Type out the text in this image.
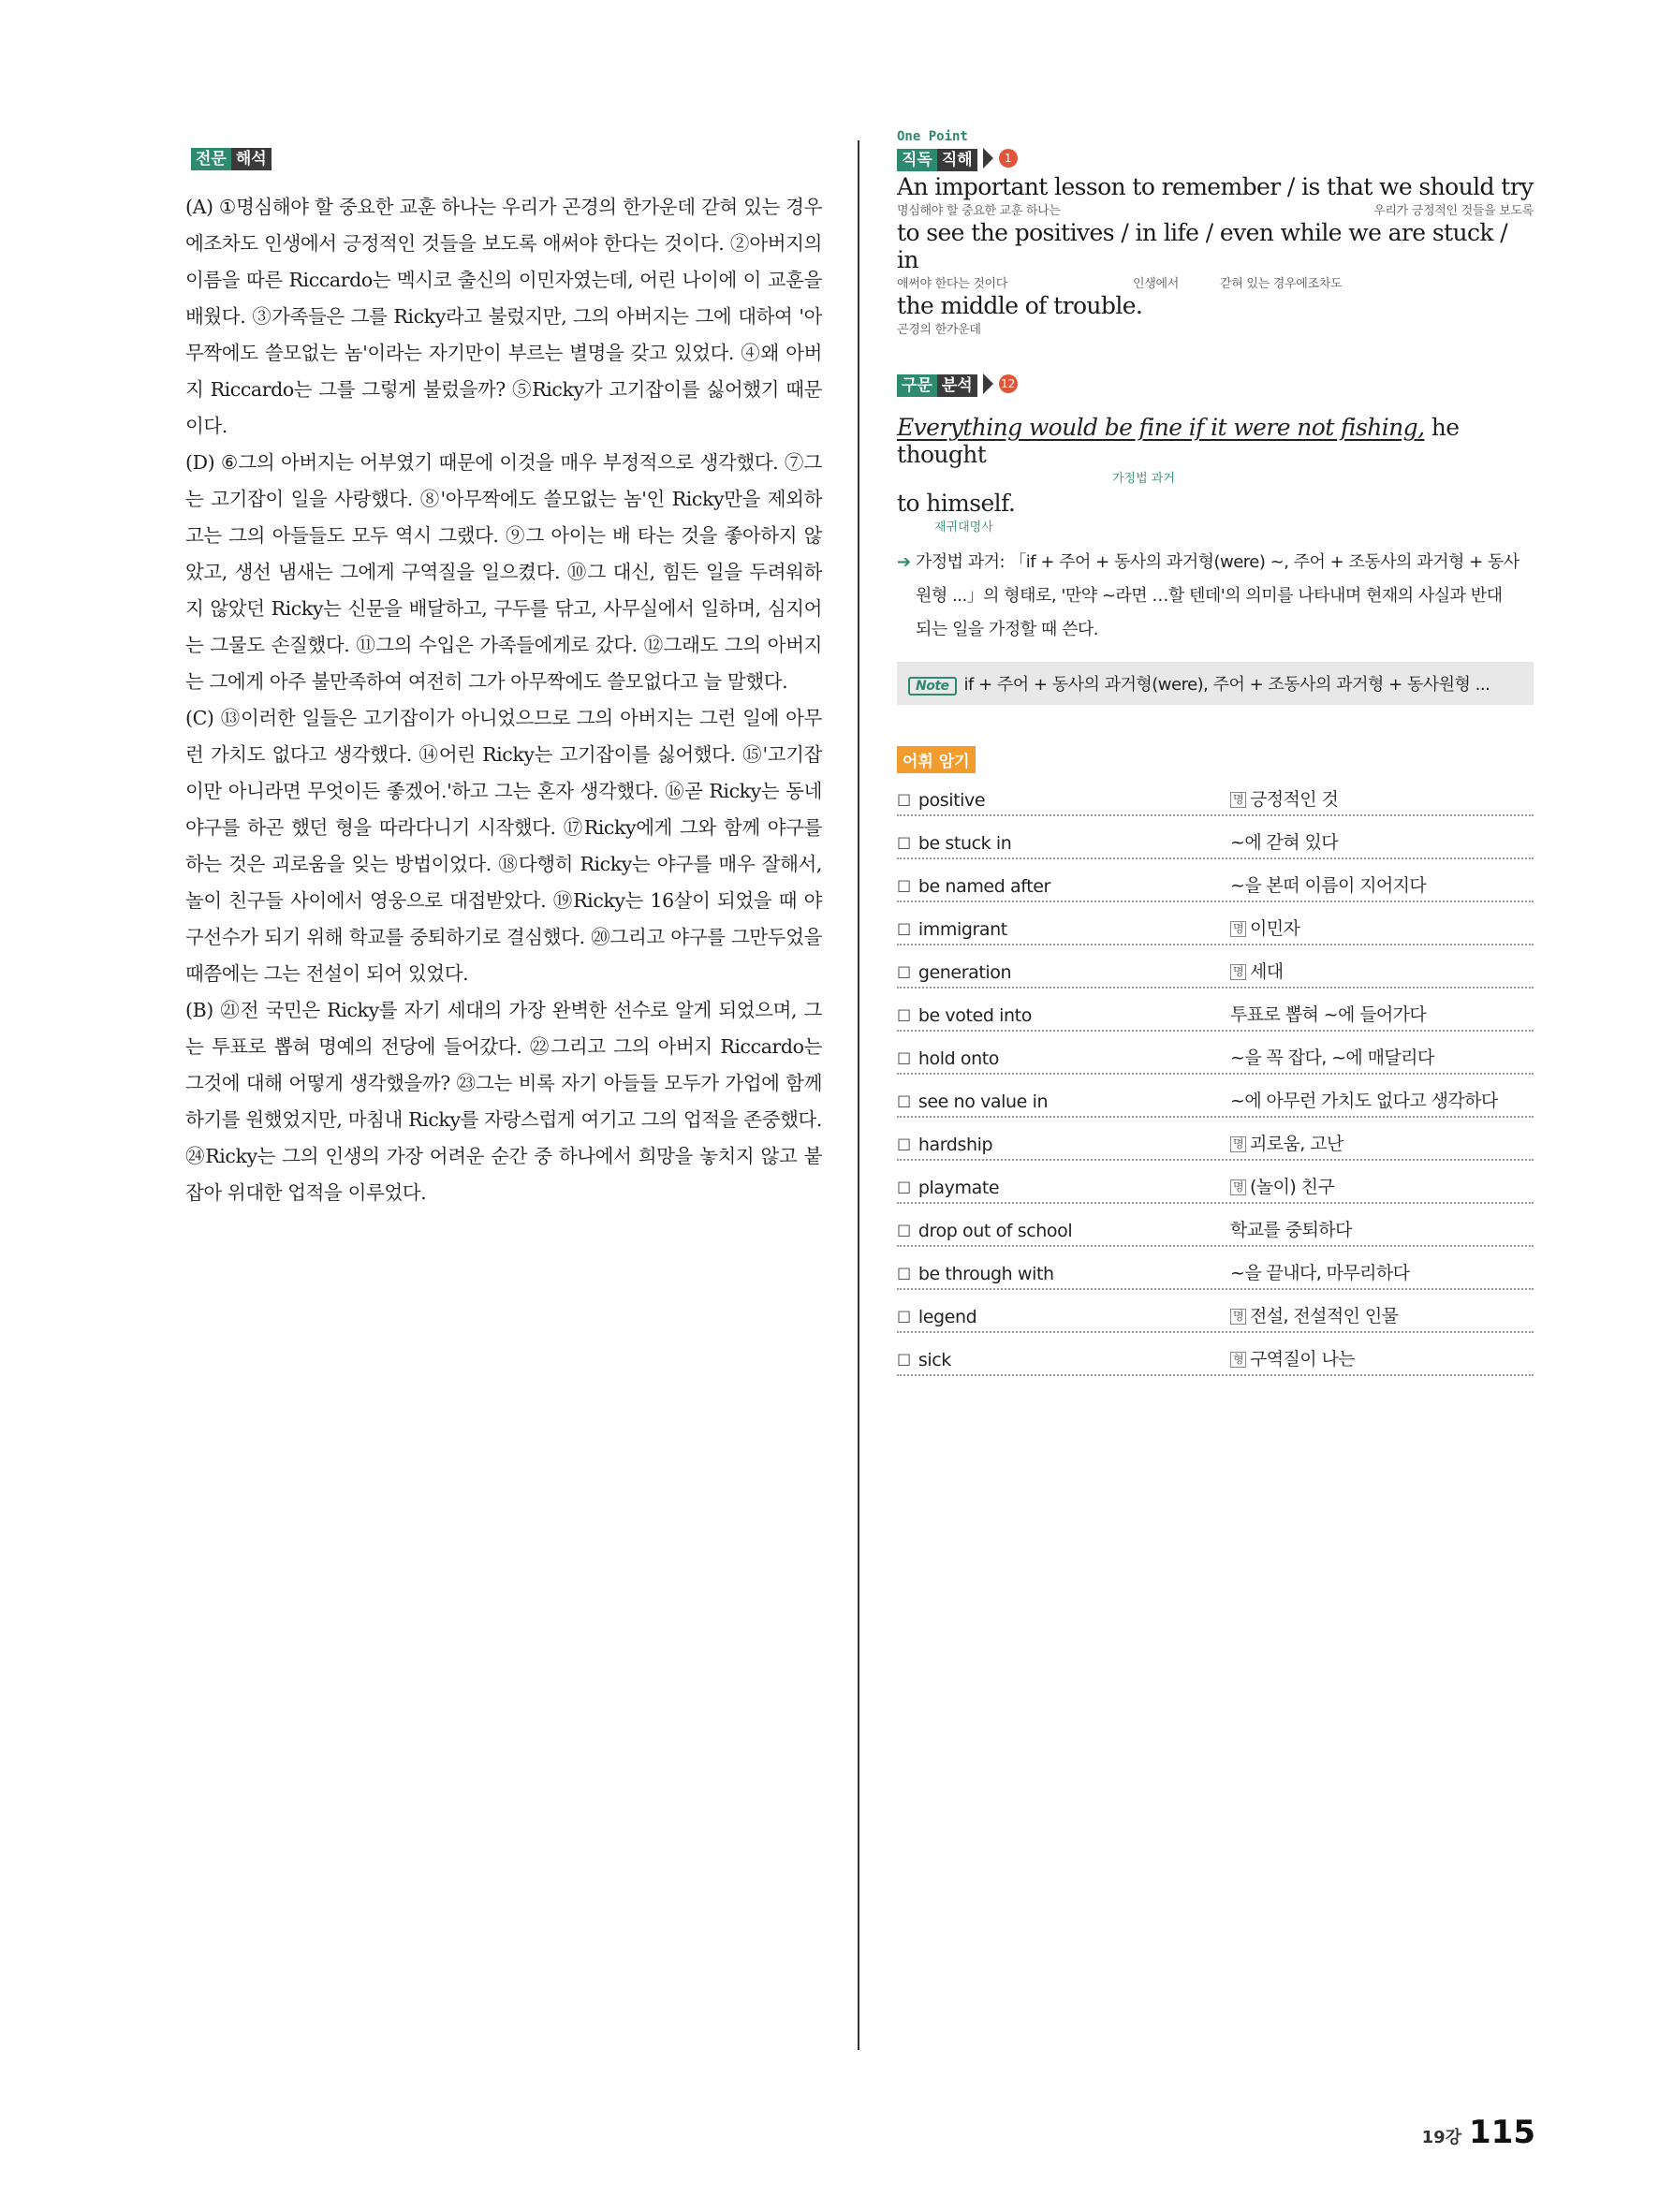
전문 해석

(A) ①명심해야 할 중요한 교훈 하나는 우리가 곤경의 한가운데 갇혀 있는 경우에조차도 인생에서 긍정적인 것들을 보도록 애써야 한다는 것이다. ②아버지의 이름을 따른 Riccardo는 멕시코 출신의 이민자였는데, 어린 나이에 이 교훈을 배웠다. ③가족들은 그를 Ricky라고 불렀지만, 그의 아버지는 그에 대하여 '아무짝에도 쓸모없는 놈'이라는 자기만이 부르는 별명을 갖고 있었다. ④왜 아버지 Riccardo는 그를 그렇게 불렀을까? ⑤Ricky가 고기잡이를 싫어했기 때문이다.

(D) ⑥그의 아버지는 어부였기 때문에 이것을 매우 부정적으로 생각했다. ⑦그는 고기잡이 일을 사랑했다. ⑧'아무짝에도 쓸모없는 놈'인 Ricky만을 제외하고는 그의 아들들도 모두 역시 그랬다. ⑨그 아이는 배 타는 것을 좋아하지 않았고, 생선 냄새는 그에게 구역질을 일으켰다. ⑩그 대신, 힘든 일을 두려워하지 않았던 Ricky는 신문을 배달하고, 구두를 닦고, 사무실에서 일하며, 심지어는 그물도 손질했다. ⑪그의 수입은 가족들에게로 갔다. ⑫그래도 그의 아버지는 그에게 아주 불만족하여 여전히 그가 아무짝에도 쓸모없다고 늘 말했다.

(C) ⑬이러한 일들은 고기잡이가 아니었으므로 그의 아버지는 그런 일에 아무런 가치도 없다고 생각했다. ⑭어린 Ricky는 고기잡이를 싫어했다. ⑮'고기잡이만 아니라면 무엇이든 좋겠어.'하고 그는 혼자 생각했다. ⑯곧 Ricky는 동네야구를 하곤 했던 형을 따라다니기 시작했다. ⑰Ricky에게 그와 함께 야구를 하는 것은 괴로움을 잊는 방법이었다. ⑱다행히 Ricky는 야구를 매우 잘해서, 놀이 친구들 사이에서 영웅으로 대접받았다. ⑲Ricky는 16살이 되었을 때 야구선수가 되기 위해 학교를 중퇴하기로 결심했다. ⑳그리고 야구를 그만두었을 때쯤에는 그는 전설이 되어 있었다.

(B) ㉑전 국민은 Ricky를 자기 세대의 가장 완벽한 선수로 알게 되었으며, 그는 투표로 뽑혀 명예의 전당에 들어갔다. ㉒그리고 그의 아버지 Riccardo는 그것에 대해 어떻게 생각했을까? ㉓그는 비록 자기 아들들 모두가 가업에 함께하기를 원했었지만, 마침내 Ricky를 자랑스럽게 여기고 그의 업적을 존중했다. ㉔Ricky는 그의 인생의 가장 어려운 순간 중 하나에서 희망을 놓치지 않고 붙잡아 위대한 업적을 이루었다.

One Point
직독 직해	1
An important lesson to remember / is that we should try
명심해야 할 중요한 교훈 하나는	우리가 긍정적인 것들을 보도록
to see the positives / in life / even while we are stuck / in
애써야 한다는 것이다	인생에서	갇혀 있는 경우에조차도
the middle of trouble.
곤경의 한가운데
구문 분석	12
Everything would be fine if it were not fishing, he thought
가정법 과거
to himself.
재귀대명사
➔ 가정법 과거: 「if + 주어 + 동사의 과거형(were) ~, 주어 + 조동사의 과거형 + 동사
원형 ...」의 형태로, '만약 ~라면 …할 텐데'의 의미를 나타내며 현재의 사실과 반대
되는 일을 가정할 때 쓴다.
Note if + 주어 + 동사의 과거형(were), 주어 + 조동사의 과거형 + 동사원형 ...
어휘 암기
☐ positive	명 긍정적인 것
☐ be stuck in	~에 갇혀 있다
☐ be named after	~을 본떠 이름이 지어지다
☐ immigrant	명 이민자
☐ generation	명 세대
☐ be voted into	투표로 뽑혀 ~에 들어가다
☐ hold onto	~을 꼭 잡다, ~에 매달리다
☐ see no value in	~에 아무런 가치도 없다고 생각하다
☐ hardship	명 괴로움, 고난
☐ playmate	명 (놀이) 친구
☐ drop out of school	학교를 중퇴하다
☐ be through with	~을 끝내다, 마무리하다
☐ legend	명 전설, 전설적인 인물
☐ sick	형 구역질이 나는
19강 115
